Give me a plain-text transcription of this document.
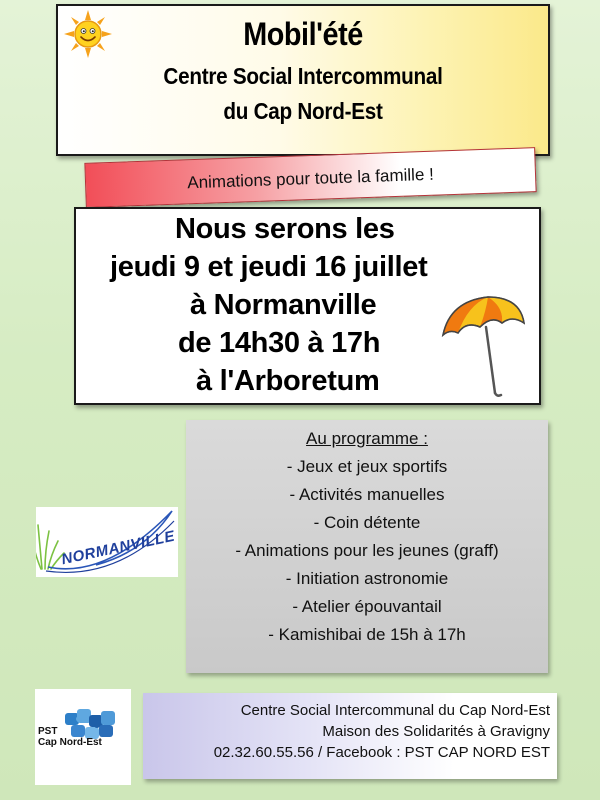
Mobil'été
Centre Social Intercommunal
du Cap Nord-Est
Animations pour toute la famille !
Nous serons les
jeudi 9 et jeudi 16 juillet
à Normanville
de 14h30 à 17h
à l'Arboretum
NORMANVILLE
Au programme :
- Jeux et jeux sportifs
- Activités manuelles
- Coin détente
- Animations pour les jeunes (graff)
- Initiation astronomie
- Atelier épouvantail
- Kamishibai de 15h à 17h
PST
Cap Nord-Est
Centre Social Intercommunal du Cap Nord-Est
Maison des Solidarités à Gravigny
02.32.60.55.56 / Facebook : PST CAP NORD EST
